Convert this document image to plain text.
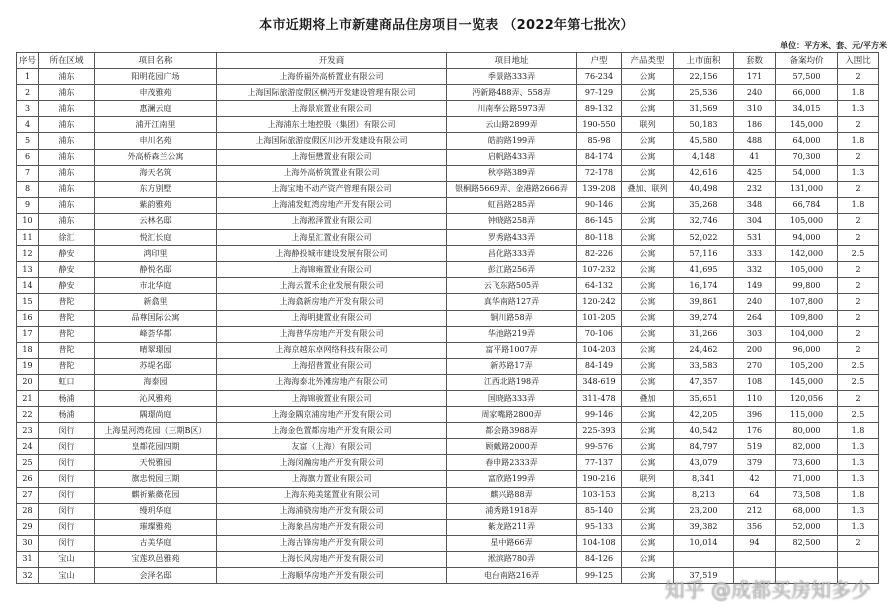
本市近期将上市新建商品住房项目一览表 （2022年第七批次）
单位：平方米、套、元/平方米
序号	所在区域	项目名称	开发商	项目地址	户型	产品类型	上市面积	套数	备案均价	入围比
1	浦东	阳明花园广场	上海侨福外高桥置业有限公司	季景路333弄	76-234	公寓	22,156	171	57,500	2
2	浦东	申茂雅苑	上海国际旅游度假区横沔开发建设管理有限公司	沔新路488弄、558弄	97-129	公寓	25,536	240	66,000	1.8
3	浦东	惠澜云庭	上海景宸置业有限公司	川南奉公路5973弄	89-132	公寓	31,569	310	34,015	1.3
4	浦东	浦开江南里	上海浦东土地控股（集团）有限公司	云山路2899弄	190-550	联列	50,183	186	145,000	2
5	浦东	申川名苑	上海国际旅游度假区川沙开发建设有限公司	皓韵路199弄	85-98	公寓	45,580	488	64,000	1.8
6	浦东	外高桥森兰公寓	上海恒懋置业有限公司	启帆路433弄	84-174	公寓	4,148	41	70,300	2
7	浦东	海天名筑	上海外高桥筑置业有限公司	秋亭路389弄	72-178	公寓	42,616	425	54,000	1.3
8	浦东	东方别墅	上海宝地不动产资产管理有限公司	银桐路5669弄、金港路2666弄	139-208	叠加、联列	40,498	232	131,000	2
9	浦东	紫韵雅苑	上海浦发虹湾房地产开发有限公司	虹昌路285弄	90-146	公寓	35,268	348	66,784	1.8
10	浦东	云林名邸	上海淞泽置业有限公司	钟晓路258弄	86-145	公寓	32,746	304	105,000	2
11	徐汇	悦汇长庭	上海星汇置业有限公司	罗秀路433弄	80-118	公寓	52,022	531	94,000	2
12	静安	鸿印里	上海静投城市建设发展有限公司	昌化路333弄	82-226	公寓	57,116	333	142,000	2.5
13	静安	静悦名邸	上海锦雍置业有限公司	彭江路256弄	107-232	公寓	41,695	332	105,000	2
14	静安	市北华庭	上海云置禾企业发展有限公司	云飞东路505弄	64-132	公寓	16,174	149	99,800	2
15	普陀	新翕里	上海翕新房地产开发有限公司	真华南路127弄	120-242	公寓	39,861	240	107,800	2
16	普陀	品尊国际公寓	上海明捷置业有限公司	铜川路58弄	101-205	公寓	39,274	264	109,800	2
17	普陀	峰荟华都	上海普华房地产开发有限公司	华池路219弄	70-106	公寓	31,266	303	104,000	2
18	普陀	晴翠璟园	上海京越东卓网络科技有限公司	富平路1007弄	104-203	公寓	24,462	200	96,000	2
19	普陀	苏堤名邸	上海招普置业有限公司	新苏路17弄	84-149	公寓	33,583	270	105,200	2.5
20	虹口	海泰园	上海海泰北外滩房地产有限公司	江西北路198弄	348-619	公寓	47,357	108	145,000	2.5
21	杨浦	沁风雅苑	上海锦骏置业有限公司	国晓路333弄	311-478	叠加	35,651	110	120,056	2
22	杨浦	隅璟尚庭	上海金隅京浦房地产开发有限公司	周家嘴路2800弄	99-146	公寓	42,205	396	115,000	2.5
23	闵行	上海星河湾花园（三期B区）	上海金色置都房地产开发有限公司	都会路3988弄	225-393	公寓	40,542	176	80,000	1.8
24	闵行	皇都花园四期	友富（上海）有限公司	顾戴路2000弄	99-576	公寓	84,797	519	82,000	1.3
25	闵行	天悦雅园	上海闵瀚房地产开发有限公司	春申路2333弄	77-137	公寓	43,079	379	73,600	1.3
26	闵行	旗忠悦园三期	上海旗力置业有限公司	富欣路199弄	190-216	联列	8,341	42	71,000	1.3
27	闵行	麒祈紫薇花园	上海东苑美筵置业有限公司	麒兴路88弄	103-153	公寓	8,213	64	73,508	1.8
28	闵行	缦玥华庭	上海浦骁房地产开发有限公司	浦秀路1918弄	85-140	公寓	23,200	212	68,000	1.3
29	闵行	璀璨雅苑	上海象昌房地产开发有限公司	紫龙路211弄	95-133	公寓	39,382	356	52,000	1.3
30	闵行	古美华庭	上海古锋房地产开发有限公司	星中路66弄	104-108	公寓	10,014	94	82,500	2
31	宝山	宝莲玖邑雅苑	上海长风房地产开发有限公司	淞滨路780弄	84-126	公寓				
32	宝山	会泽名邸	上海顺华房地产开发有限公司	电台南路216弄	99-125	公寓	37,519			
知乎 @成都买房知多少
